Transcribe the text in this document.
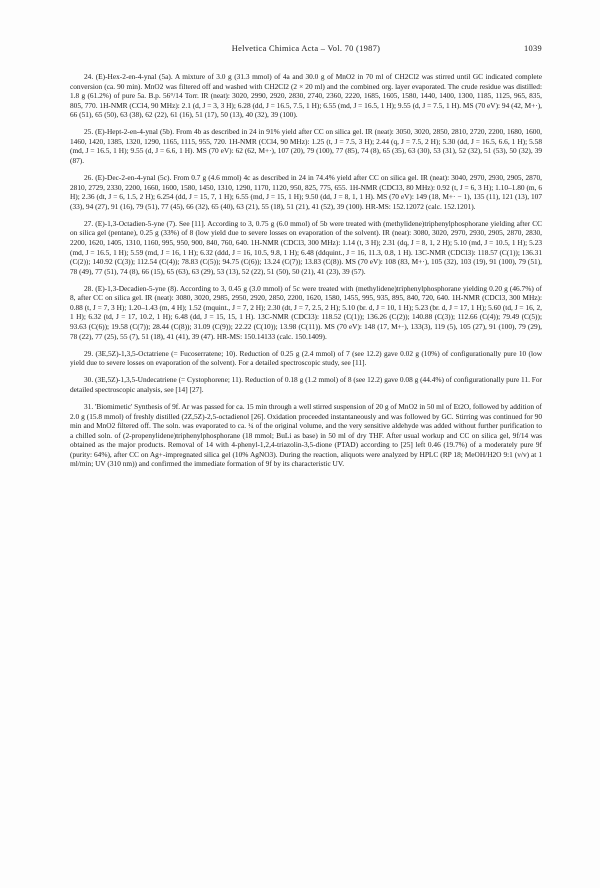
Helvetica Chimica Acta – Vol. 70 (1987)	1039

24. (E)-Hex-2-en-4-ynal (5a). A mixture of 3.0 g (31.3 mmol) of 4a and 30.0 g of MnO2 in 70 ml of CH2Cl2 was stirred until GC indicated complete conversion (ca. 90 min). MnO2 was filtered off and washed with CH2Cl2 (2 × 20 ml) and the combined org. layer evaporated. The crude residue was distilled: 1.8 g (61.2%) of pure 5a. B.p. 56°/14 Torr. IR (neat): 3020, 2990, 2920, 2830, 2740, 2360, 2220, 1685, 1605, 1580, 1440, 1400, 1300, 1185, 1125, 965, 835, 805, 770. 1H-NMR (CCl4, 90 MHz): 2.1 (d, J = 3, 3 H); 6.28 (dd, J = 16.5, 7.5, 1 H); 6.55 (md, J = 16.5, 1 H); 9.55 (d, J = 7.5, 1 H). MS (70 eV): 94 (42, M+·), 66 (51), 65 (50), 63 (38), 62 (22), 61 (16), 51 (17), 50 (13), 40 (32), 39 (100).

25. (E)-Hept-2-en-4-ynal (5b). From 4b as described in 24 in 91% yield after CC on silica gel. IR (neat): 3050, 3020, 2850, 2810, 2720, 2200, 1680, 1600, 1460, 1420, 1385, 1320, 1290, 1165, 1115, 955, 720. 1H-NMR (CCl4, 90 MHz): 1.25 (t, J = 7.5, 3 H); 2.44 (q, J = 7.5, 2 H); 5.30 (dd, J = 16.5, 6.6, 1 H); 5.58 (md, J = 16.5, 1 H); 9.55 (d, J = 6.6, 1 H). MS (70 eV): 62 (62, M+·), 107 (20), 79 (100), 77 (85), 74 (8), 65 (35), 63 (30), 53 (31), 52 (32), 51 (53), 50 (32), 39 (87).

26. (E)-Dec-2-en-4-ynal (5c). From 0.7 g (4.6 mmol) 4c as described in 24 in 74.4% yield after CC on silica gel. IR (neat): 3040, 2970, 2930, 2905, 2870, 2810, 2729, 2330, 2200, 1660, 1600, 1580, 1450, 1310, 1290, 1170, 1120, 950, 825, 775, 655. 1H-NMR (CDCl3, 80 MHz): 0.92 (t, J = 6, 3 H); 1.10–1.80 (m, 6 H); 2.36 (dt, J = 6, 1.5, 2 H); 6.254 (dd, J = 15, 7, 1 H); 6.55 (md, J = 15, 1 H); 9.50 (dd, J = 8, 1, 1 H). MS (70 eV): 149 (18, M+· − 1), 135 (11), 121 (13), 107 (33), 94 (27), 91 (16), 79 (51), 77 (45), 66 (32), 65 (40), 63 (21), 55 (18), 51 (21), 41 (52), 39 (100). HR-MS: 152.12072 (calc. 152.1201).

27. (E)-1,3-Octadien-5-yne (7). See [11]. According to 3, 0.75 g (6.0 mmol) of 5b were treated with (methylidene)triphenylphosphorane yielding after CC on silica gel (pentane), 0.25 g (33%) of 8 (low yield due to severe losses on evaporation of the solvent). IR (neat): 3080, 3020, 2970, 2930, 2905, 2870, 2830, 2200, 1620, 1405, 1310, 1160, 995, 950, 900, 840, 760, 640. 1H-NMR (CDCl3, 300 MHz): 1.14 (t, 3 H); 2.31 (dq, J = 8, 1, 2 H); 5.10 (md, J = 10.5, 1 H); 5.23 (md, J = 16.5, 1 H); 5.59 (md, J = 16, 1 H); 6.32 (ddd, J = 16, 10.5, 9.8, 1 H); 6.48 (ddquint., J = 16, 11.3, 0.8, 1 H). 13C-NMR (CDCl3): 118.57 (C(1)); 136.31 (C(2)); 140.92 (C(3)); 112.54 (C(4)); 78.83 (C(5)); 94.75 (C(6)); 13.24 (C(7)); 13.83 (C(8)). MS (70 eV): 108 (83, M+·), 105 (32), 103 (19), 91 (100), 79 (51), 78 (49), 77 (51), 74 (8), 66 (15), 65 (63), 63 (29), 53 (13), 52 (22), 51 (50), 50 (21), 41 (23), 39 (57).

28. (E)-1,3-Decadien-5-yne (8). According to 3, 0.45 g (3.0 mmol) of 5c were treated with (methylidene)triphenylphosphorane yielding 0.20 g (46.7%) of 8, after CC on silica gel. IR (neat): 3080, 3020, 2985, 2950, 2920, 2850, 2200, 1620, 1580, 1455, 995, 935, 895, 840, 720, 640. 1H-NMR (CDCl3, 300 MHz): 0.88 (t, J = 7, 3 H); 1.20–1.43 (m, 4 H); 1.52 (mquint., J = 7, 2 H); 2.30 (dt, J = 7, 2.5, 2 H); 5.10 (br. d, J = 10, 1 H); 5.23 (br. d, J = 17, 1 H); 5.60 (td, J = 16, 2, 1 H); 6.32 (td, J = 17, 10.2, 1 H); 6.48 (dd, J = 15, 15, 1 H). 13C-NMR (CDCl3): 118.52 (C(1)); 136.26 (C(2)); 140.88 (C(3)); 112.66 (C(4)); 79.49 (C(5)); 93.63 (C(6)); 19.58 (C(7)); 28.44 (C(8)); 31.09 (C(9)); 22.22 (C(10)); 13.98 (C(11)). MS (70 eV): 148 (17, M+·), 133(3), 119 (5), 105 (27), 91 (100), 79 (29), 78 (22), 77 (25), 55 (7), 51 (18), 41 (41), 39 (47). HR-MS: 150.14133 (calc. 150.1409).

29. (3E,5Z)-1,3,5-Octatriene (= Fucoserratene; 10). Reduction of 0.25 g (2.4 mmol) of 7 (see 12.2) gave 0.02 g (10%) of configurationally pure 10 (low yield due to severe losses on evaporation of the solvent). For a detailed spectroscopic study, see [11].

30. (3E,5Z)-1,3,5-Undecatriene (= Cystophorene; 11). Reduction of 0.18 g (1.2 mmol) of 8 (see 12.2) gave 0.08 g (44.4%) of configurationally pure 11. For detailed spectroscopic analysis, see [14] [27].

31. 'Biomimetic' Synthesis of 9f. Ar was passed for ca. 15 min through a well stirred suspension of 20 g of MnO2 in 50 ml of Et2O, followed by addition of 2.0 g (15.8 mmol) of freshly distilled (2Z,5Z)-2,5-octadienol [26]. Oxidation proceeded instantaneously and was followed by GC. Stirring was continued for 90 min and MnO2 filtered off. The soln. was evaporated to ca. ¼ of the original volume, and the very sensitive aldehyde was added without further purification to a chilled soln. of (2-propenylidene)triphenylphosphorane (18 mmol; BuLi as base) in 50 ml of dry THF. After usual workup and CC on silica gel, 9f/14 was obtained as the major products. Removal of 14 with 4-phenyl-1,2,4-triazolin-3,5-dione (PTAD) according to [25] left 0.46 (19.7%) of a moderately pure 9f (purity: 64%), after CC on Ag+-impregnated silica gel (10% AgNO3). During the reaction, aliquots were analyzed by HPLC (RP 18; MeOH/H2O 9:1 (v/v) at 1 ml/min; UV (310 nm)) and confirmed the immediate formation of 9f by its characteristic UV.
